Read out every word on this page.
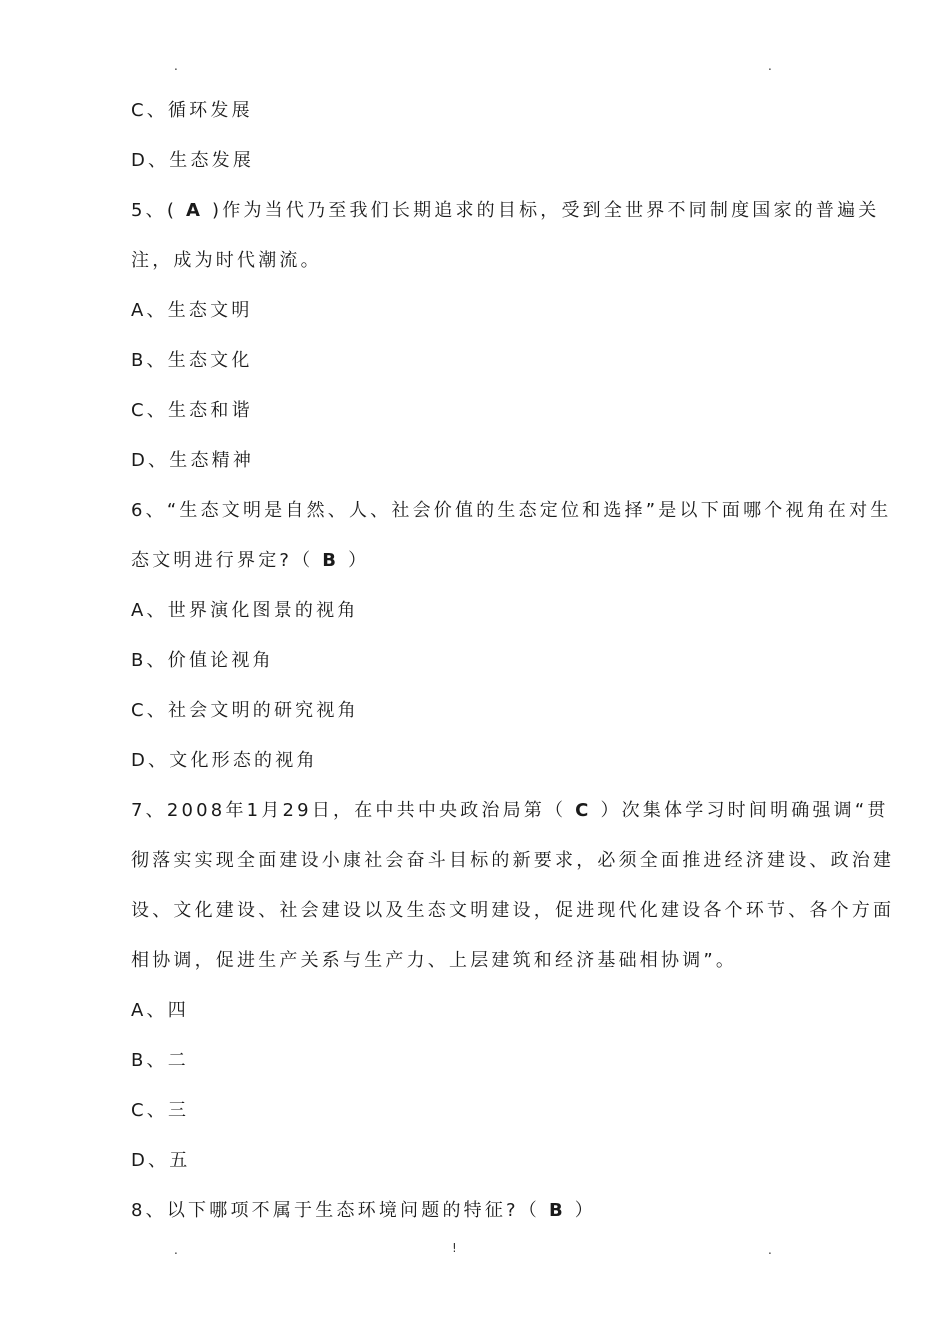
.	.
C、循环发展
D、生态发展
5、( A )作为当代乃至我们长期追求的目标，受到全世界不同制度国家的普遍关
注，成为时代潮流。
A、生态文明
B、生态文化
C、生态和谐
D、生态精神
6、“生态文明是自然、人、社会价值的生态定位和选择”是以下面哪个视角在对生
态文明进行界定?（ B ）
A、世界演化图景的视角
B、价值论视角
C、社会文明的研究视角
D、文化形态的视角
7、2008年1月29日，在中共中央政治局第（ C ）次集体学习时间明确强调“贯
彻落实实现全面建设小康社会奋斗目标的新要求，必须全面推进经济建设、政治建
设、文化建设、社会建设以及生态文明建设，促进现代化建设各个环节、各个方面
相协调，促进生产关系与生产力、上层建筑和经济基础相协调”。
A、四
B、二
C、三
D、五
8、以下哪项不属于生态环境问题的特征?（ B ）
.	!	.
